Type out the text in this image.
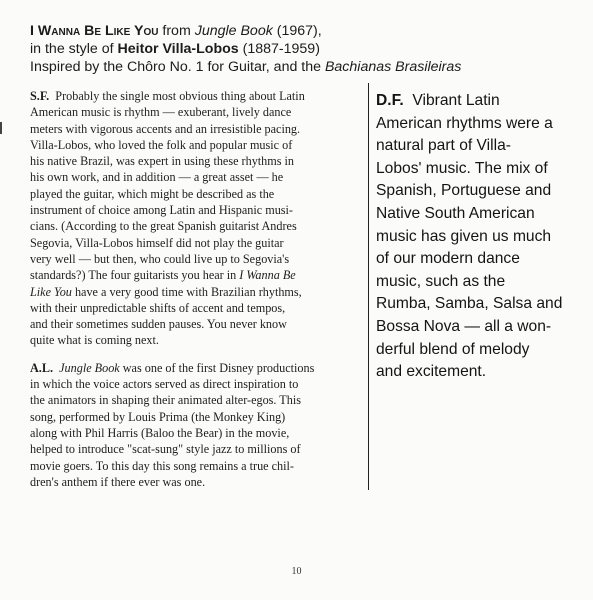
I Wanna Be Like You from Jungle Book (1967),
in the style of Heitor Villa-Lobos (1887-1959)
Inspired by the Chôro No. 1 for Guitar, and the Bachianas Brasileiras

S.F. Probably the single most obvious thing about Latin
American music is rhythm — exuberant, lively dance
meters with vigorous accents and an irresistible pacing.
Villa-Lobos, who loved the folk and popular music of
his native Brazil, was expert in using these rhythms in
his own work, and in addition — a great asset — he
played the guitar, which might be described as the
instrument of choice among Latin and Hispanic musi-
cians. (According to the great Spanish guitarist Andres
Segovia, Villa-Lobos himself did not play the guitar
very well — but then, who could live up to Segovia's
standards?) The four guitarists you hear in I Wanna Be
Like You have a very good time with Brazilian rhythms,
with their unpredictable shifts of accent and tempos,
and their sometimes sudden pauses. You never know
quite what is coming next.

A.L. Jungle Book was one of the first Disney productions
in which the voice actors served as direct inspiration to
the animators in shaping their animated alter-egos. This
song, performed by Louis Prima (the Monkey King)
along with Phil Harris (Baloo the Bear) in the movie,
helped to introduce "scat-sung" style jazz to millions of
movie goers. To this day this song remains a true chil-
dren's anthem if there ever was one.

D.F. Vibrant Latin
American rhythms were a
natural part of Villa-
Lobos' music. The mix of
Spanish, Portuguese and
Native South American
music has given us much
of our modern dance
music, such as the
Rumba, Samba, Salsa and
Bossa Nova — all a won-
derful blend of melody
and excitement.
10
